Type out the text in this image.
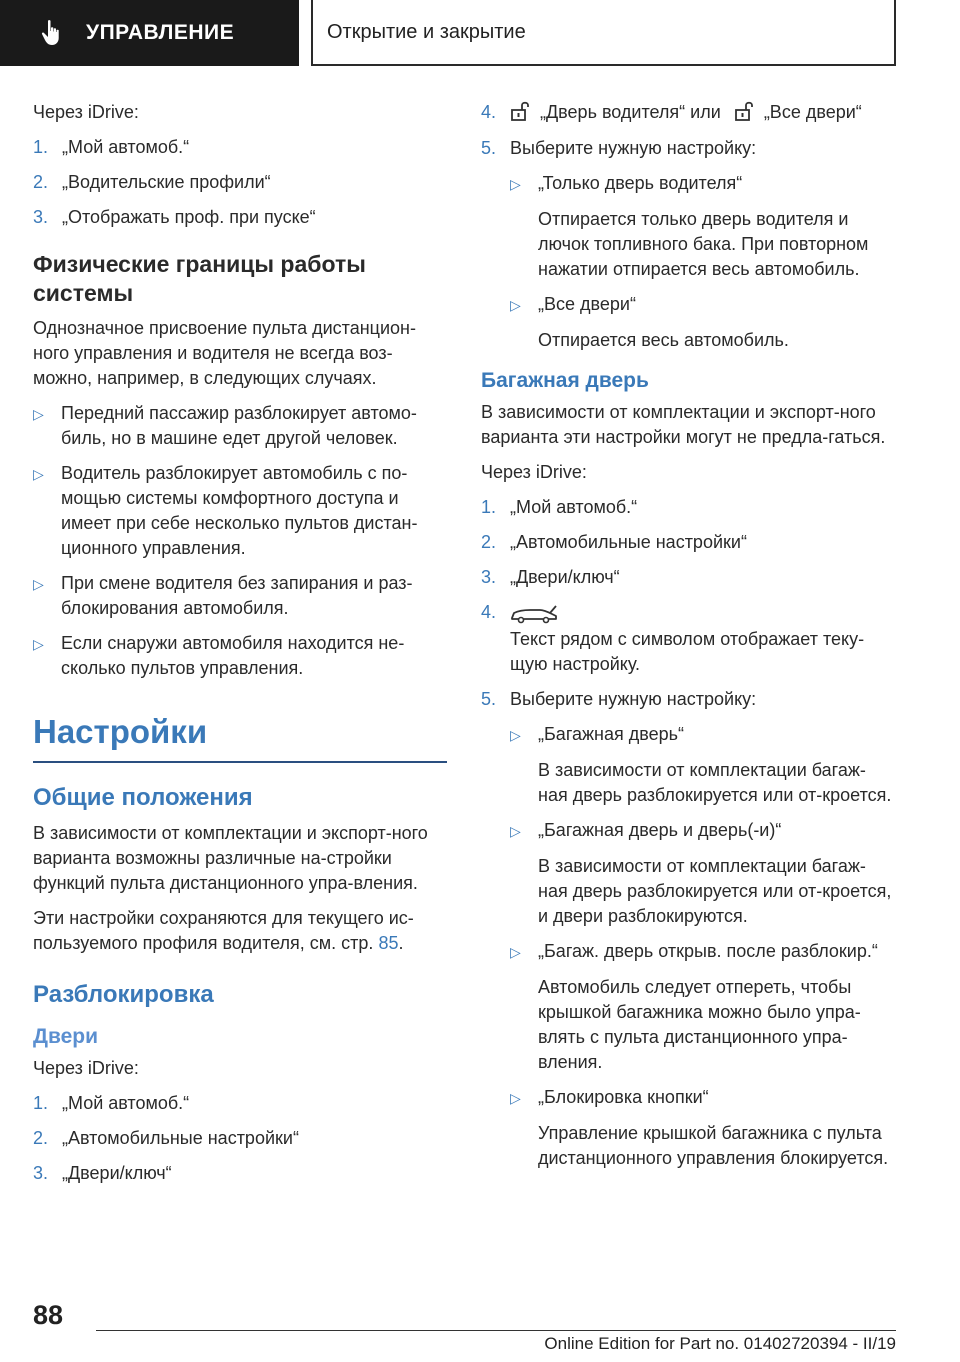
УПРАВЛЕНИЕ	Открытие и закрытие

Через iDrive:

1. „Мой автомоб.“
2. „Водительские профили“
3. „Отображать проф. при пуске“
Физические границы работы системы

Однозначное присвоение пульта дистанцион-ного управления и водителя не всегда воз-можно, например, в следующих случаях.

▷ Передний пассажир разблокирует автомо-биль, но в машине едет другой человек.
▷ Водитель разблокирует автомобиль с по-мощью системы комфортного доступа и имеет при себе несколько пультов дистан-ционного управления.
▷ При смене водителя без запирания и раз-блокирования автомобиля.
▷ Если снаружи автомобиля находится не-сколько пультов управления.
Настройки
Общие положения

В зависимости от комплектации и экспорт-ного варианта возможны различные на-стройки функций пульта дистанционного упра-вления.

Эти настройки сохраняются для текущего ис-пользуемого профиля водителя, см. стр. 85.

Разблокировка
Двери

Через iDrive:

1. „Мой автомоб.“
2. „Автомобильные настройки“
3. „Двери/ключ“
4.	„Дверь водителя“ или „Все двери“
5. Выберите нужную настройку:
▷ „Только дверь водителя“

Отпирается только дверь водителя и лючок топливного бака. При повторном нажатии отпирается весь автомобиль.

▷ „Все двери“

Отпирается весь автомобиль.

Багажная дверь

В зависимости от комплектации и экспорт-ного варианта эти настройки могут не предла-гаться.

Через iDrive:

1. „Мой автомоб.“
2. „Автомобильные настройки“
3. „Двери/ключ“
4.

Текст рядом с символом отображает теку-щую настройку.

5. Выберите нужную настройку:
▷ „Багажная дверь“

В зависимости от комплектации багаж-ная дверь разблокируется или от-кроется.

▷ „Багажная дверь и дверь(-и)“

В зависимости от комплектации багаж-ная дверь разблокируется или от-кроется, и двери разблокируются.

▷ „Багаж. дверь открыв. после разблокир.“

Автомобиль следует отпереть, чтобы крышкой багажника можно было упра-влять с пульта дистанционного упра-вления.

▷ „Блокировка кнопки“

Управление крышкой багажника с пульта дистанционного управления блокируется.

88
Online Edition for Part no. 01402720394 - II/19
